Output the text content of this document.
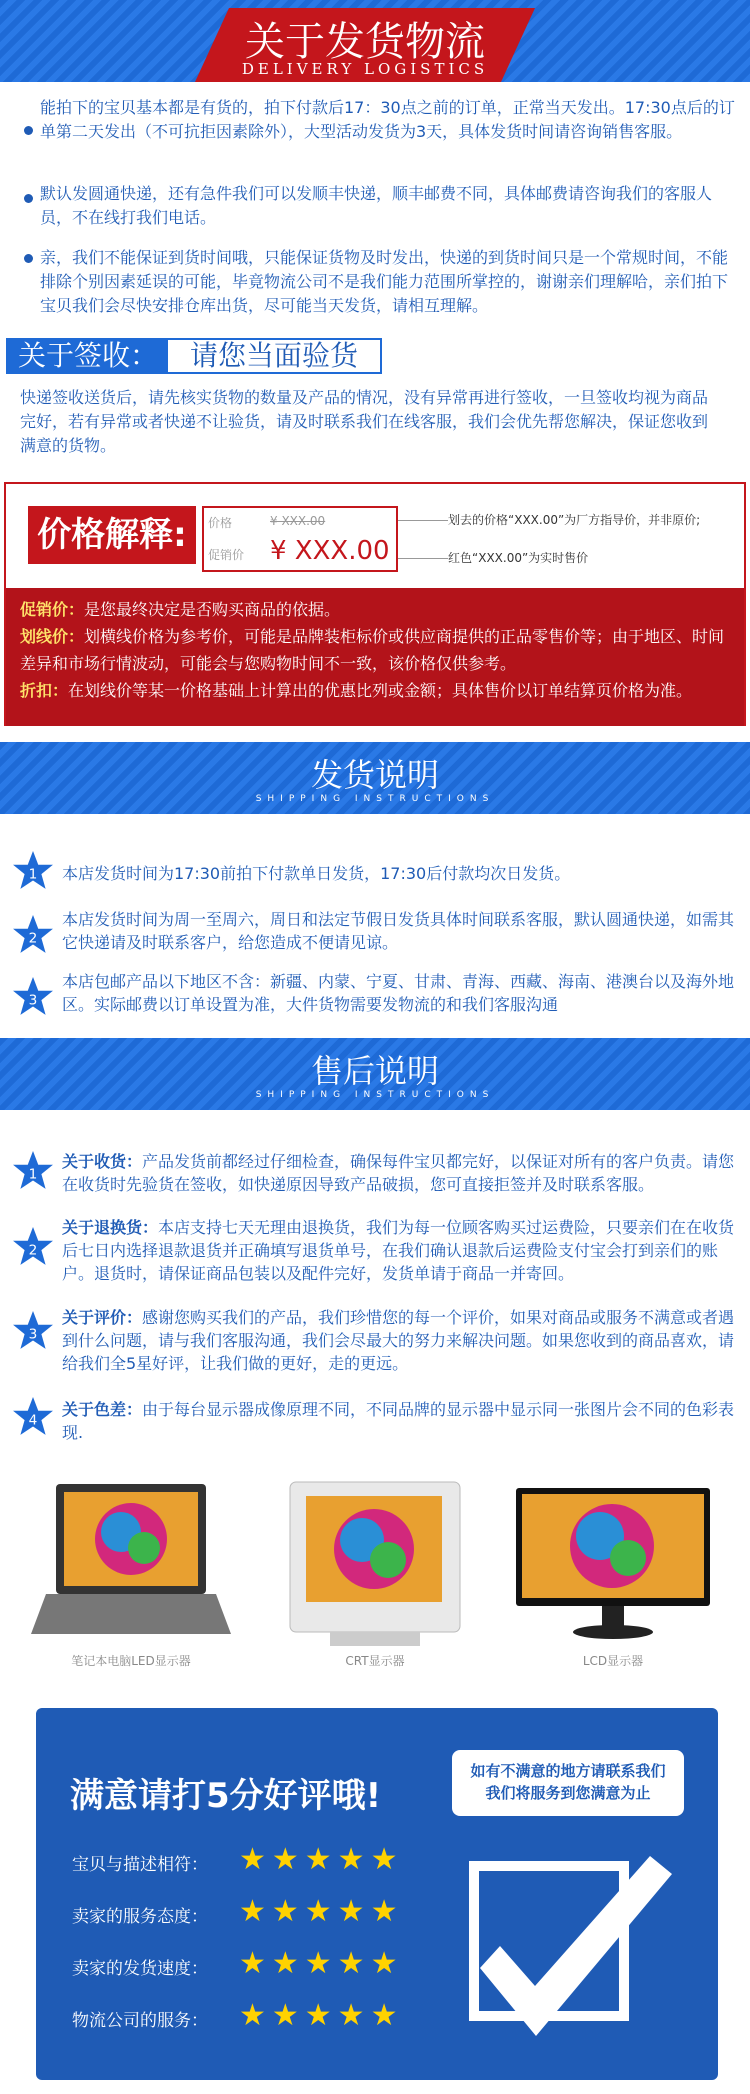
关于发货物流
DELIVERY LOGISTICS
能拍下的宝贝基本都是有货的，拍下付款后17：30点之前的订单，正常当天发出。17:30点后的订单第二天发出（不可抗拒因素除外），大型活动发货为3天，具体发货时间请咨询销售客服。
默认发圆通快递，还有急件我们可以发顺丰快递，顺丰邮费不同，具体邮费请咨询我们的客服人员，不在线打我们电话。
亲，我们不能保证到货时间哦，只能保证货物及时发出，快递的到货时间只是一个常规时间，不能排除个别因素延误的可能，毕竟物流公司不是我们能力范围所掌控的，谢谢亲们理解哈，亲们拍下宝贝我们会尽快安排仓库出货，尽可能当天发货，请相互理解。
关于签收：	请您当面验货
快递签收送货后，请先核实货物的数量及产品的情况，没有异常再进行签收，一旦签收均视为商品完好，若有异常或者快递不让验货，请及时联系我们在线客服，我们会优先帮您解决，保证您收到满意的货物。
价格解释:	价格	¥ XXX.00
促销价 ¥ XXX.00
划去的价格“XXX.00”为厂方指导价，并非原价;
红色“XXX.00”为实时售价
促销价：是您最终决定是否购买商品的依据。
划线价：划横线价格为参考价，可能是品牌装柜标价或供应商提供的正品零售价等；由于地区、时间差异和市场行情波动，可能会与您购物时间不一致，该价格仅供参考。
折扣：在划线价等某一价格基础上计算出的优惠比列或金额；具体售价以订单结算页价格为准。
发货说明
SHIPPING INSTRUCTIONS
1 本店发货时间为17:30前拍下付款单日发货，17:30后付款均次日发货。
2
本店发货时间为周一至周六，周日和法定节假日发货具体时间联系客服，默认圆通快递，如需其它快递请及时联系客户，给您造成不便请见谅。
3
本店包邮产品以下地区不含：新疆、内蒙、宁夏、甘肃、青海、西藏、海南、港澳台以及海外地区。实际邮费以订单设置为准，大件货物需要发物流的和我们客服沟通
售后说明
SHIPPING INSTRUCTIONS
1
关于收货：产品发货前都经过仔细检查，确保每件宝贝都完好，以保证对所有的客户负责。请您在收货时先验货在签收，如快递原因导致产品破损，您可直接拒签并及时联系客服。
2
关于退换货：本店支持七天无理由退换货，我们为每一位顾客购买过运费险，只要亲们在在收货后七日内选择退款退货并正确填写退货单号，在我们确认退款后运费险支付宝会打到亲们的账户。退货时，请保证商品包装以及配件完好，发货单请于商品一并寄回。
3
关于评价：感谢您购买我们的产品，我们珍惜您的每一个评价，如果对商品或服务不满意或者遇到什么问题，请与我们客服沟通，我们会尽最大的努力来解决问题。如果您收到的商品喜欢，请给我们全5星好评，让我们做的更好，走的更远。
4
关于色差：由于每台显示器成像原理不同，不同品牌的显示器中显示同一张图片会不同的色彩表现.
笔记本电脑LED显示器	CRT显示器	LCD显示器
满意请打5分好评哦!
如有不满意的地方请联系我们
我们将服务到您满意为止
宝贝与描述相符： ★★★★★
卖家的服务态度： ★★★★★
卖家的发货速度： ★★★★★
物流公司的服务： ★★★★★
